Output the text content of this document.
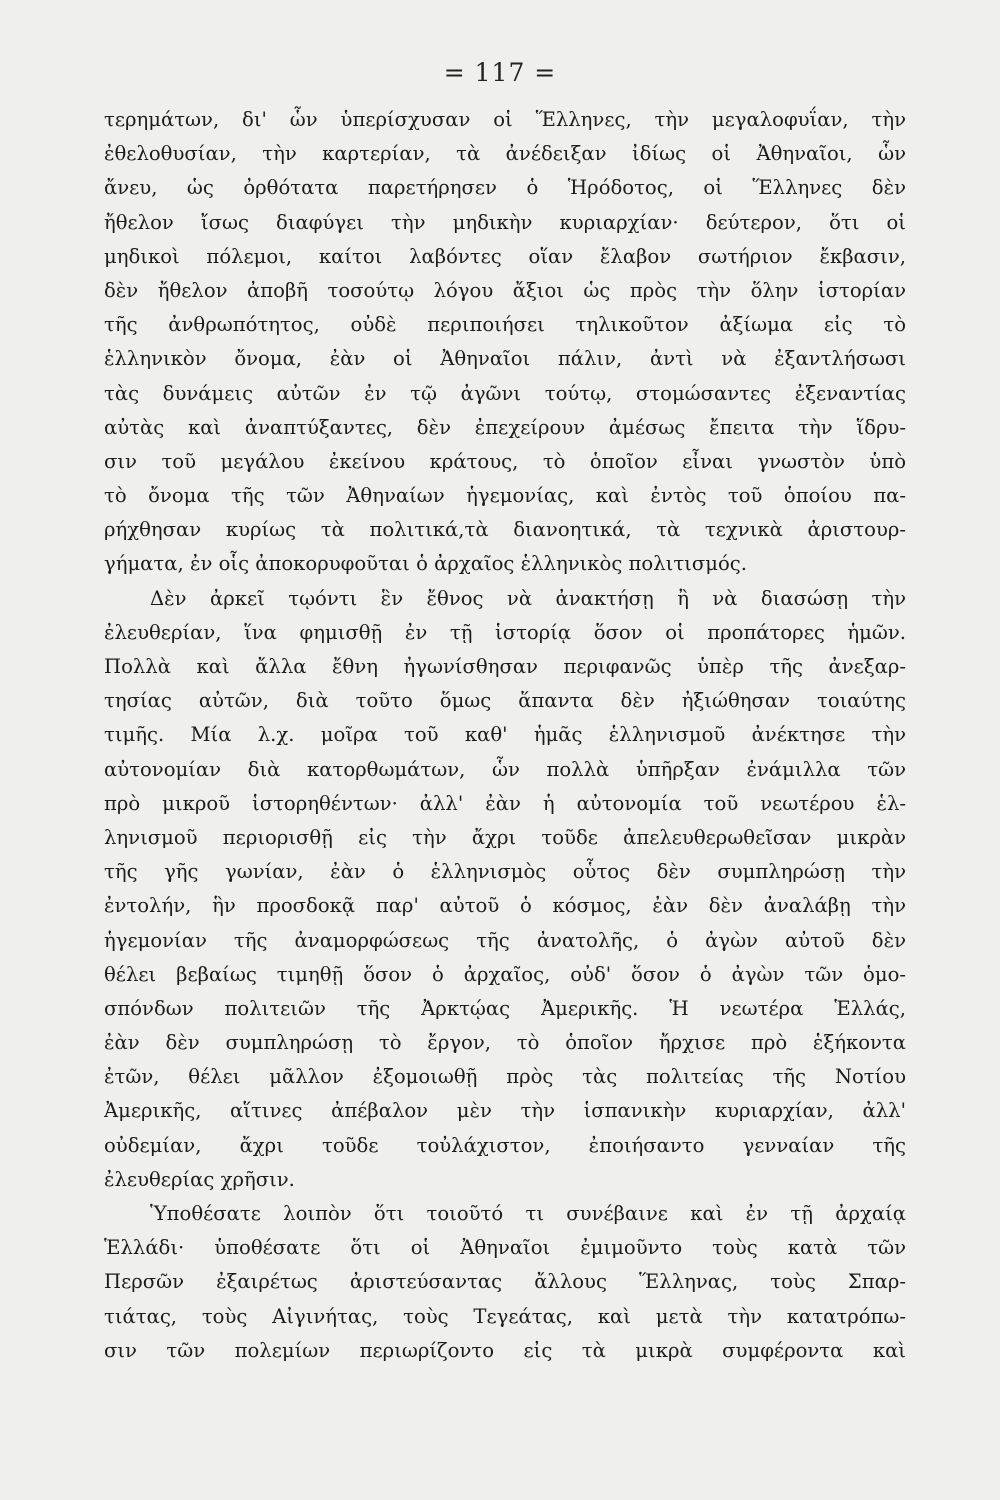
= 117 =
τερημάτων, δι' ὧν ὑπερίσχυσαν οἱ Ἕλληνες, τὴν μεγαλοφυΐαν, τὴν
ἐθελοθυσίαν, τὴν καρτερίαν, τὰ ἀνέδειξαν ἰδίως οἱ Ἀθηναῖοι, ὧν
ἄνευ, ὡς ὀρθότατα παρετήρησεν ὁ Ἡρόδοτος, οἱ Ἕλληνες δὲν
ἤθελον ἴσως διαφύγει τὴν μηδικὴν κυριαρχίαν· δεύτερον, ὅτι οἱ
μηδικοὶ πόλεμοι, καίτοι λαβόντες οἵαν ἔλαβον σωτήριον ἔκβασιν,
δὲν ἤθελον ἀποβῆ τοσούτῳ λόγου ἄξιοι ὡς πρὸς τὴν ὅλην ἱστορίαν
τῆς ἀνθρωπότητος, οὐδὲ περιποιήσει τηλικοῦτον ἀξίωμα εἰς τὸ
ἑλληνικὸν ὄνομα, ἐὰν οἱ Ἀθηναῖοι πάλιν, ἀντὶ νὰ ἐξαντλήσωσι
τὰς δυνάμεις αὐτῶν ἐν τῷ ἀγῶνι τούτῳ, στομώσαντες ἐξεναντίας
αὐτὰς καὶ ἀναπτύξαντες, δὲν ἐπεχείρουν ἀμέσως ἔπειτα τὴν ἵδρυ-
σιν τοῦ μεγάλου ἐκείνου κράτους, τὸ ὁποῖον εἶναι γνωστὸν ὑπὸ
τὸ ὄνομα τῆς τῶν Ἀθηναίων ἡγεμονίας, καὶ ἐντὸς τοῦ ὁποίου πα-
ρήχθησαν κυρίως τὰ πολιτικά,τὰ διανοητικά, τὰ τεχνικὰ ἀριστουρ-
γήματα, ἐν οἷς ἀποκορυφοῦται ὁ ἀρχαῖος ἑλληνικὸς πολιτισμός.
Δὲν ἀρκεῖ τῳόντι ἓν ἔθνος νὰ ἀνακτήσῃ ἢ νὰ διασώσῃ τὴν
ἐλευθερίαν, ἵνα φημισθῇ ἐν τῇ ἱστορίᾳ ὅσον οἱ προπάτορες ἡμῶν.
Πολλὰ καὶ ἄλλα ἔθνη ἠγωνίσθησαν περιφανῶς ὑπὲρ τῆς ἀνεξαρ-
τησίας αὐτῶν, διὰ τοῦτο ὅμως ἅπαντα δὲν ἠξιώθησαν τοιαύτης
τιμῆς. Μία λ.χ. μοῖρα τοῦ καθ' ἡμᾶς ἑλληνισμοῦ ἀνέκτησε τὴν
αὐτονομίαν διὰ κατορθωμάτων, ὧν πολλὰ ὑπῆρξαν ἐνάμιλλα τῶν
πρὸ μικροῦ ἱστορηθέντων· ἀλλ' ἐὰν ἡ αὐτονομία τοῦ νεωτέρου ἑλ-
ληνισμοῦ περιορισθῇ εἰς τὴν ἄχρι τοῦδε ἀπελευθερωθεῖσαν μικρὰν
τῆς γῆς γωνίαν, ἐὰν ὁ ἑλληνισμὸς οὗτος δὲν συμπληρώσῃ τὴν
ἐντολήν, ἣν προσδοκᾷ παρ' αὐτοῦ ὁ κόσμος, ἐὰν δὲν ἀναλάβῃ τὴν
ἡγεμονίαν τῆς ἀναμορφώσεως τῆς ἀνατολῆς, ὁ ἀγὼν αὐτοῦ δὲν
θέλει βεβαίως τιμηθῇ ὅσον ὁ ἀρχαῖος, οὐδ' ὅσον ὁ ἀγὼν τῶν ὁμο-
σπόνδων πολιτειῶν τῆς Ἀρκτῴας Ἀμερικῆς. Ἡ νεωτέρα Ἑλλάς,
ἐὰν δὲν συμπληρώσῃ τὸ ἔργον, τὸ ὁποῖον ἤρχισε πρὸ ἑξήκοντα
ἐτῶν, θέλει μᾶλλον ἐξομοιωθῇ πρὸς τὰς πολιτείας τῆς Νοτίου
Ἀμερικῆς, αἵτινες ἀπέβαλον μὲν τὴν ἱσπανικὴν κυριαρχίαν, ἀλλ'
οὐδεμίαν, ἄχρι τοῦδε τοὐλάχιστον, ἐποιήσαντο γενναίαν τῆς
ἐλευθερίας χρῆσιν.
Ὑποθέσατε λοιπὸν ὅτι τοιοῦτό τι συνέβαινε καὶ ἐν τῇ ἀρχαίᾳ
Ἑλλάδι· ὑποθέσατε ὅτι οἱ Ἀθηναῖοι ἐμιμοῦντο τοὺς κατὰ τῶν
Περσῶν ἐξαιρέτως ἀριστεύσαντας ἄλλους Ἕλληνας, τοὺς Σπαρ-
τιάτας, τοὺς Αἰγινήτας, τοὺς Τεγεάτας, καὶ μετὰ τὴν κατατρόπω-
σιν τῶν πολεμίων περιωρίζοντο εἰς τὰ μικρὰ συμφέροντα καὶ
